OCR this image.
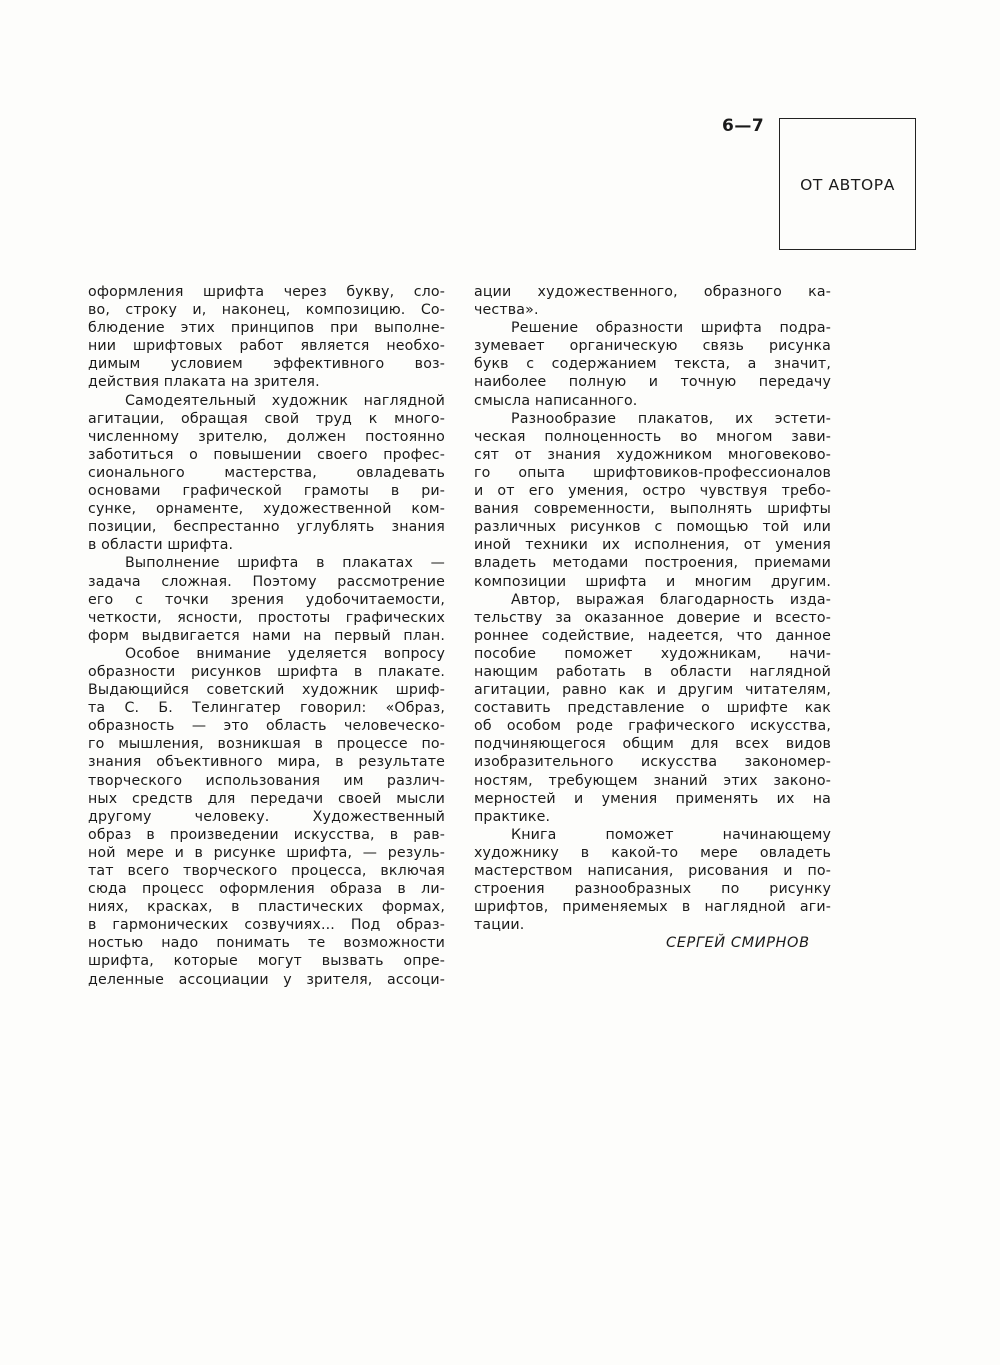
6—7
ОТ АВТОРА
оформления шрифта через букву, сло-
во, строку и, наконец, композицию. Со-
блюдение этих принципов при выполне-
нии шрифтовых работ является необхо-
димым условием эффективного воз-
действия плаката на зрителя.
Самодеятельный художник наглядной
агитации, обращая свой труд к много-
численному зрителю, должен постоянно
заботиться о повышении своего профес-
сионального мастерства, овладевать
основами графической грамоты в ри-
сунке, орнаменте, художественной ком-
позиции, беспрестанно углублять знания
в области шрифта.
Выполнение шрифта в плакатах —
задача сложная. Поэтому рассмотрение
его с точки зрения удобочитаемости,
четкости, ясности, простоты графических
форм выдвигается нами на первый план.
Особое внимание уделяется вопросу
образности рисунков шрифта в плакате.
Выдающийся советский художник шриф-
та С. Б. Телингатер говорил: «Образ,
образность — это область человеческо-
го мышления, возникшая в процессе по-
знания объективного мира, в результате
творческого использования им различ-
ных средств для передачи своей мысли
другому человеку. Художественный
образ в произведении искусства, в рав-
ной мере и в рисунке шрифта, — резуль-
тат всего творческого процесса, включая
сюда процесс оформления образа в ли-
ниях, красках, в пластических формах,
в гармонических созвучиях... Под образ-
ностью надо понимать те возможности
шрифта, которые могут вызвать опре-
деленные ассоциации у зрителя, ассоци-
ации художественного, образного ка-
чества».
Решение образности шрифта подра-
зумевает органическую связь рисунка
букв с содержанием текста, а значит,
наиболее полную и точную передачу
смысла написанного.
Разнообразие плакатов, их эстети-
ческая полноценность во многом зави-
сят от знания художником многовеково-
го опыта шрифтовиков-профессионалов
и от его умения, остро чувствуя требо-
вания современности, выполнять шрифты
различных рисунков с помощью той или
иной техники их исполнения, от умения
владеть методами построения, приемами
композиции шрифта и многим другим.
Автор, выражая благодарность изда-
тельству за оказанное доверие и всесто-
роннее содействие, надеется, что данное
пособие поможет художникам, начи-
нающим работать в области наглядной
агитации, равно как и другим читателям,
составить представление о шрифте как
об особом роде графического искусства,
подчиняющегося общим для всех видов
изобразительного искусства закономер-
ностям, требующем знаний этих законо-
мерностей и умения применять их на
практике.
Книга поможет начинающему
художнику в какой-то мере овладеть
мастерством написания, рисования и по-
строения разнообразных по рисунку
шрифтов, применяемых в наглядной аги-
тации.
СЕРГЕЙ СМИРНОВ
